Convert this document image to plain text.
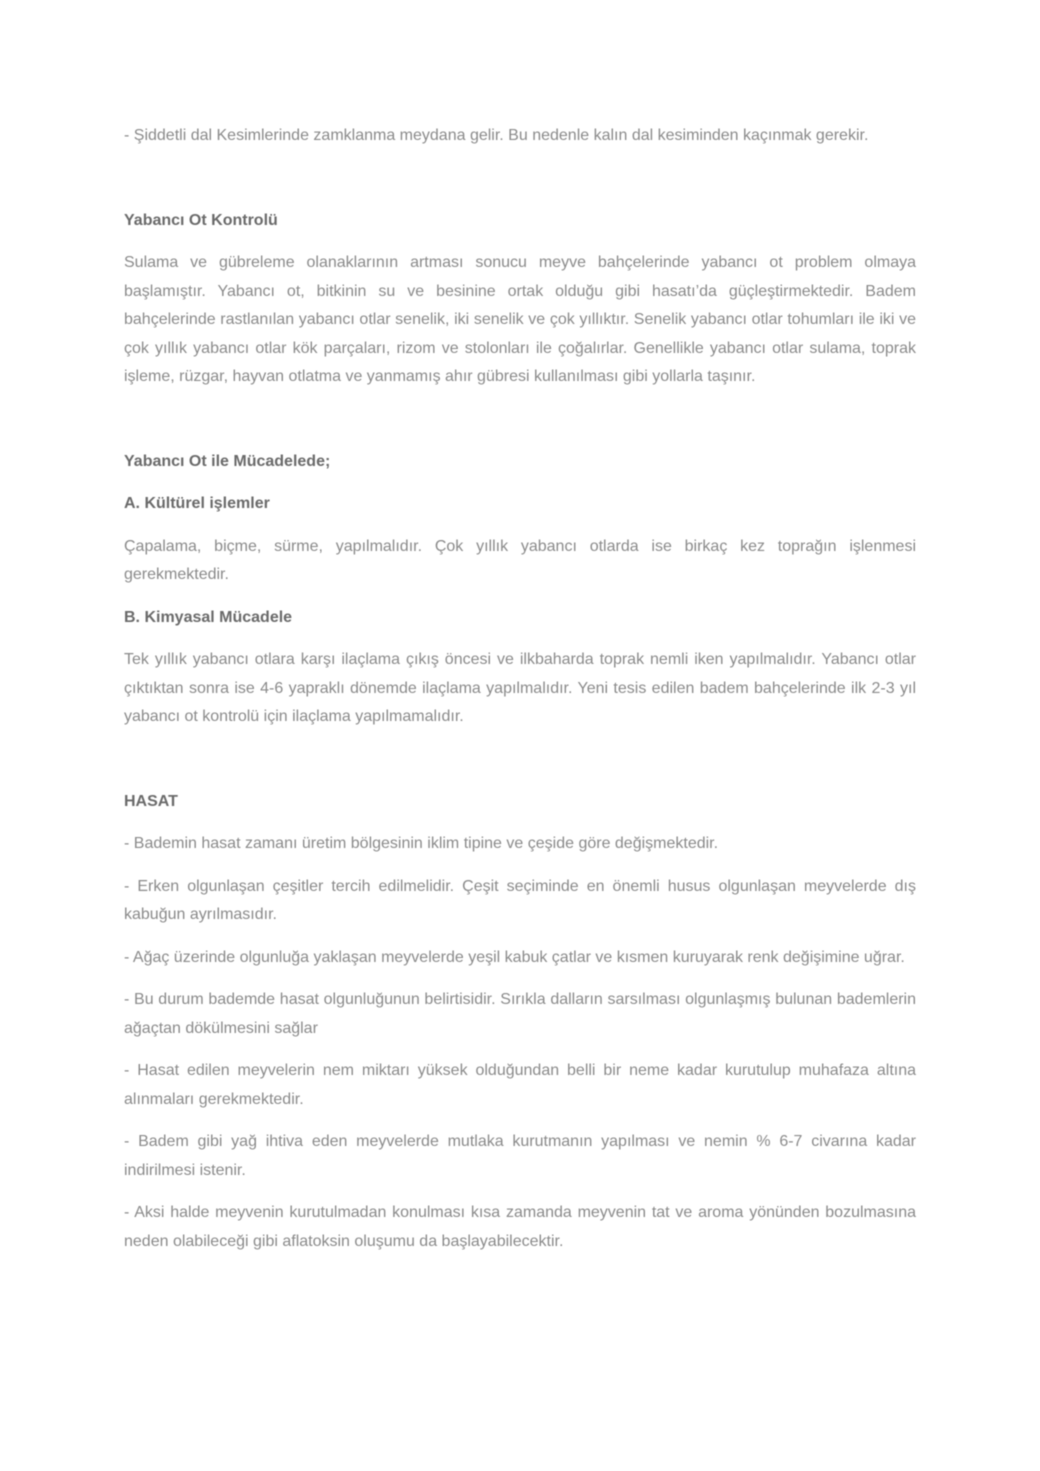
- Şiddetli dal Kesimlerinde zamklanma meydana gelir. Bu nedenle kalın dal kesiminden kaçınmak gerekir.

Yabancı Ot Kontrolü

Sulama ve gübreleme olanaklarının artması sonucu meyve bahçelerinde yabancı ot problem olmaya başlamıştır. Yabancı ot, bitkinin su ve besinine ortak olduğu gibi hasatı’da güçleştirmektedir. Badem bahçelerinde rastlanılan yabancı otlar senelik, iki senelik ve çok yıllıktır. Senelik yabancı otlar tohumları ile iki ve çok yıllık yabancı otlar kök parçaları, rizom ve stolonları ile çoğalırlar. Genellikle yabancı otlar sulama, toprak işleme, rüzgar, hayvan otlatma ve yanmamış ahır gübresi kullanılması gibi yollarla taşınır.

Yabancı Ot ile Mücadelede;
A. Kültürel işlemler

Çapalama, biçme, sürme, yapılmalıdır. Çok yıllık yabancı otlarda ise birkaç kez toprağın işlenmesi gerekmektedir.

B. Kimyasal Mücadele

Tek yıllık yabancı otlara karşı ilaçlama çıkış öncesi ve ilkbaharda toprak nemli iken yapılmalıdır. Yabancı otlar çıktıktan sonra ise 4-6 yapraklı dönemde ilaçlama yapılmalıdır. Yeni tesis edilen badem bahçelerinde ilk 2-3 yıl yabancı ot kontrolü için ilaçlama yapılmamalıdır.

HASAT

- Bademin hasat zamanı üretim bölgesinin iklim tipine ve çeşide göre değişmektedir.

- Erken olgunlaşan çeşitler tercih edilmelidir. Çeşit seçiminde en önemli husus olgunlaşan meyvelerde dış kabuğun ayrılmasıdır.

- Ağaç üzerinde olgunluğa yaklaşan meyvelerde yeşil kabuk çatlar ve kısmen kuruyarak renk değişimine uğrar.

- Bu durum bademde hasat olgunluğunun belirtisidir. Sırıkla dalların sarsılması olgunlaşmış bulunan bademlerin ağaçtan dökülmesini sağlar

- Hasat edilen meyvelerin nem miktarı yüksek olduğundan belli bir neme kadar kurutulup muhafaza altına alınmaları gerekmektedir.

- Badem gibi yağ ihtiva eden meyvelerde mutlaka kurutmanın yapılması ve nemin % 6-7 civarına kadar indirilmesi istenir.

- Aksi halde meyvenin kurutulmadan konulması kısa zamanda meyvenin tat ve aroma yönünden bozulmasına neden olabileceği gibi aflatoksin oluşumu da başlayabilecektir.
